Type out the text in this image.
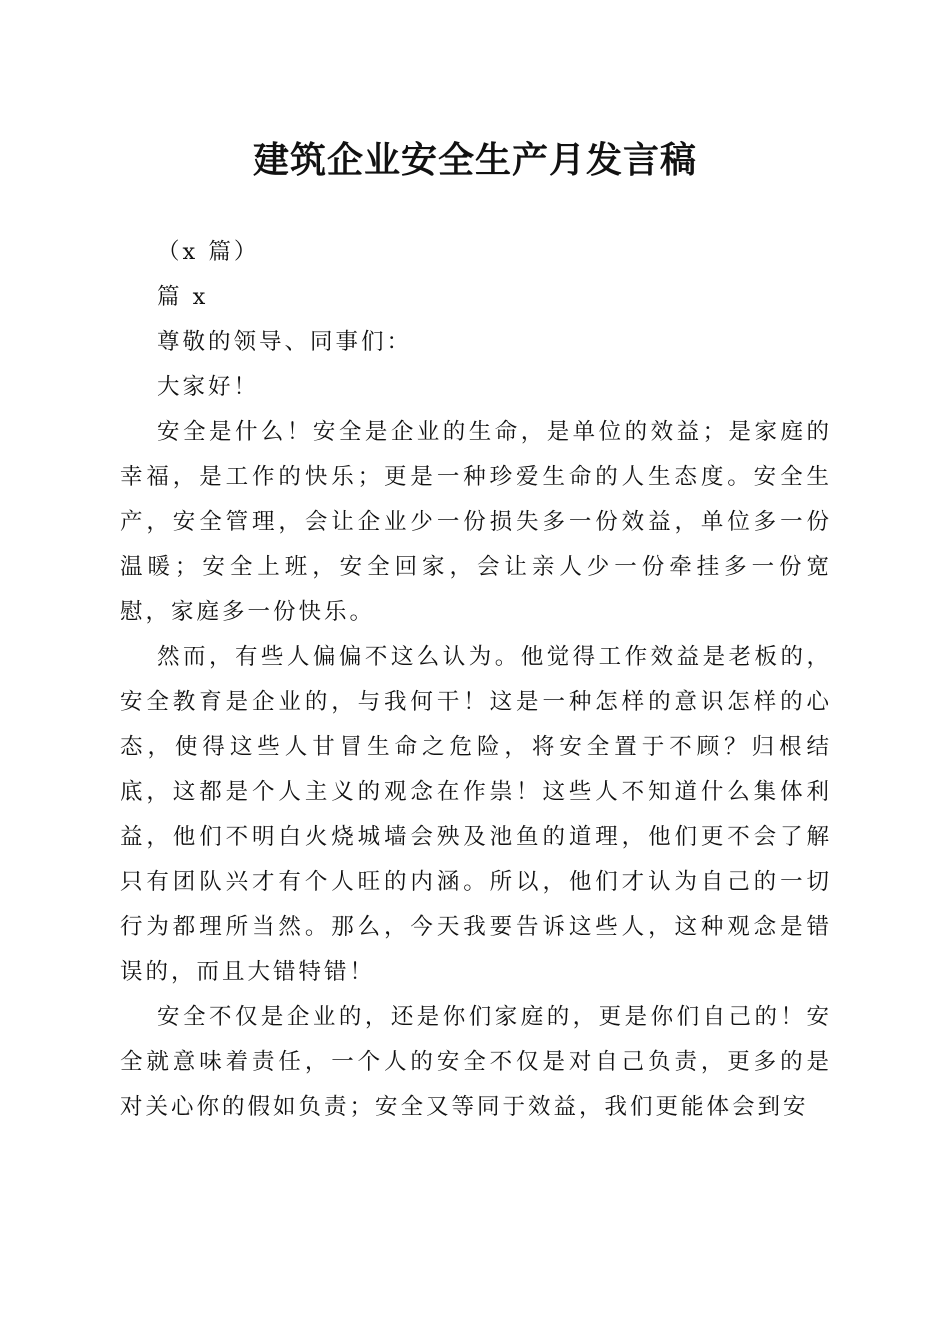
建筑企业安全生产月发言稿

（x 篇）

篇 x

尊敬的领导、同事们：

大家好！

安全是什么！安全是企业的生命，是单位的效益；是家庭的幸福，是工作的快乐；更是一种珍爱生命的人生态度。安全生产，安全管理，会让企业少一份损失多一份效益，单位多一份温暖；安全上班，安全回家，会让亲人少一份牵挂多一份宽慰，家庭多一份快乐。

然而，有些人偏偏不这么认为。他觉得工作效益是老板的，安全教育是企业的，与我何干！这是一种怎样的意识怎样的心态，使得这些人甘冒生命之危险，将安全置于不顾？归根结底，这都是个人主义的观念在作祟！这些人不知道什么集体利益，他们不明白火烧城墙会殃及池鱼的道理，他们更不会了解只有团队兴才有个人旺的内涵。所以，他们才认为自己的一切行为都理所当然。那么，今天我要告诉这些人，这种观念是错误的，而且大错特错！

安全不仅是企业的，还是你们家庭的，更是你们自己的！安全就意味着责任，一个人的安全不仅是对自己负责，更多的是对关心你的假如负责；安全又等同于效益，我们更能体会到安
